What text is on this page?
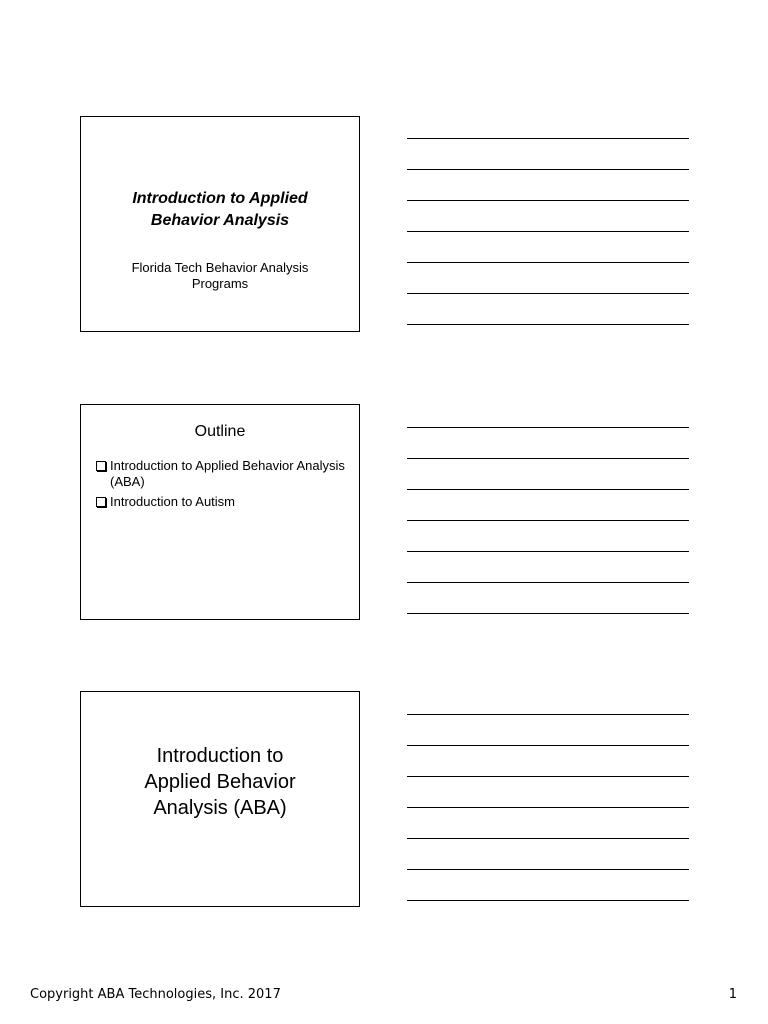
Introduction to Applied
Behavior Analysis
Florida Tech Behavior Analysis
Programs
Outline
Introduction to Applied Behavior Analysis (ABA)
Introduction to Autism
Introduction to
Applied Behavior
Analysis (ABA)
Copyright ABA Technologies, Inc. 2017	1
